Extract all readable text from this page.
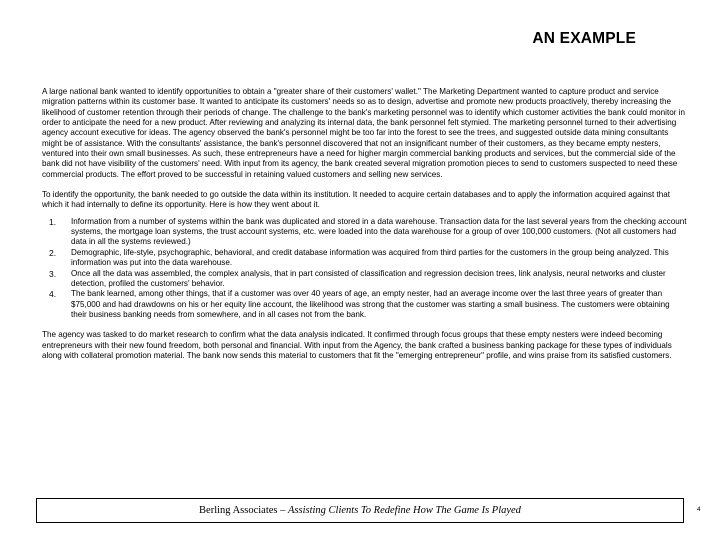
AN EXAMPLE

A large national bank wanted to identify opportunities to obtain a "greater share of their customers' wallet." The Marketing Department wanted to capture product and service migration patterns within its customer base. It wanted to anticipate its customers' needs so as to design, advertise and promote new products proactively, thereby increasing the likelihood of customer retention through their periods of change. The challenge to the bank's marketing personnel was to identify which customer activities the bank could monitor in order to anticipate the need for a new product. After reviewing and analyzing its internal data, the bank personnel felt stymied. The marketing personnel turned to their advertising agency account executive for ideas. The agency observed the bank's personnel might be too far into the forest to see the trees, and suggested outside data mining consultants might be of assistance. With the consultants' assistance, the bank's personnel discovered that not an insignificant number of their customers, as they became empty nesters, ventured into their own small businesses. As such, these entrepreneurs have a need for higher margin commercial banking products and services, but the commercial side of the bank did not have visibility of the customers' need. With input from its agency, the bank created several migration promotion pieces to send to customers suspected to need these commercial products. The effort proved to be successful in retaining valued customers and selling new services.

To identify the opportunity, the bank needed to go outside the data within its institution. It needed to acquire certain databases and to apply the information acquired against that which it had internally to define its opportunity. Here is how they went about it.

1.	Information from a number of systems within the bank was duplicated and stored in a data warehouse. Transaction data for the last several years from the checking account systems, the mortgage loan systems, the trust account systems, etc. were loaded into the data warehouse for a group of over 100,000 customers. (Not all customers had data in all the systems reviewed.)
2.	Demographic, life-style, psychographic, behavioral, and credit database information was acquired from third parties for the customers in the group being analyzed. This information was put into the data warehouse.
3.	Once all the data was assembled, the complex analysis, that in part consisted of classification and regression decision trees, link analysis, neural networks and cluster detection, profiled the customers' behavior.
4.	The bank learned, among other things, that if a customer was over 40 years of age, an empty nester, had an average income over the last three years of greater than $75,000 and had drawdowns on his or her equity line account, the likelihood was strong that the customer was starting a small business. The customers were obtaining their business banking needs from somewhere, and in all cases not from the bank.

The agency was tasked to do market research to confirm what the data analysis indicated. It confirmed through focus groups that these empty nesters were indeed becoming entrepreneurs with their new found freedom, both personal and financial. With input from the Agency, the bank crafted a business banking package for these types of individuals along with collateral promotion material. The bank now sends this material to customers that fit the "emerging entrepreneur" profile, and wins praise from its satisfied customers.

Berling Associates – Assisting Clients To Redefine How The Game Is Played	4
